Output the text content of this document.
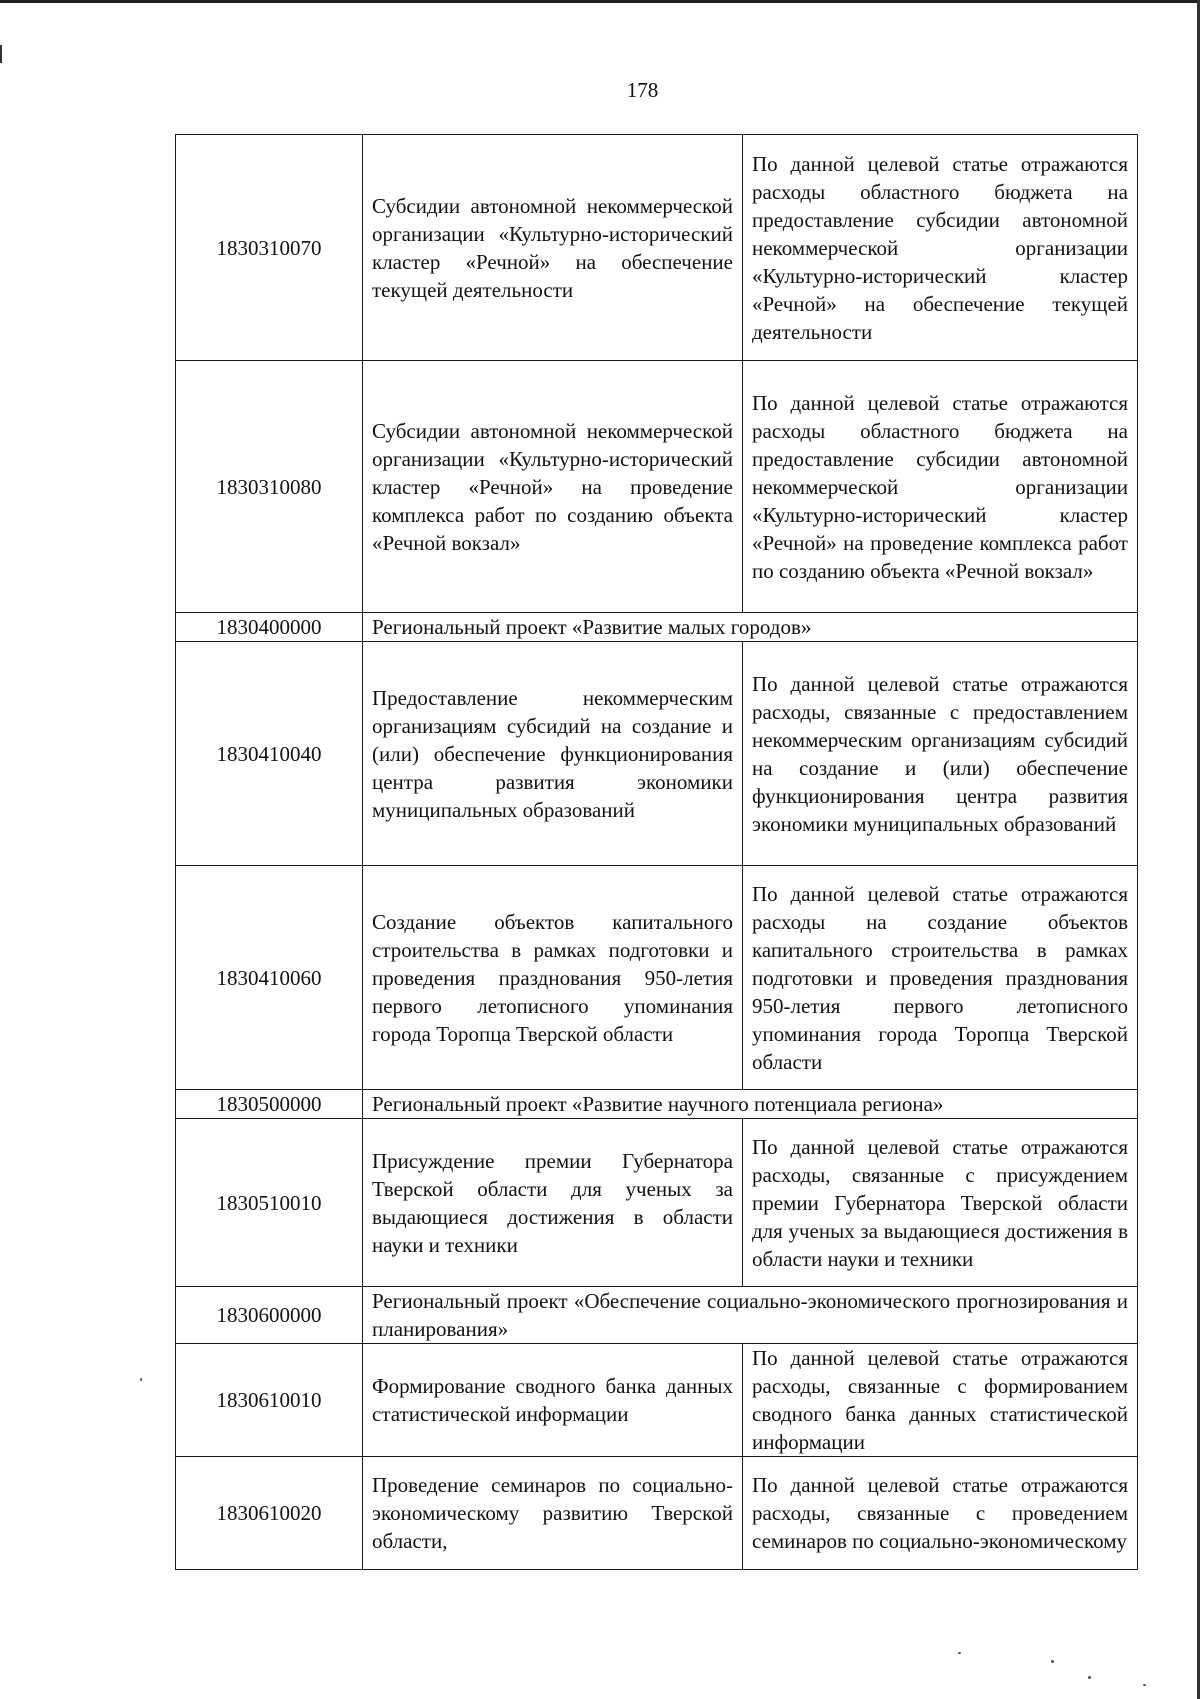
178
1830310070	Субсидии автономной некоммерческой организации «Культурно-исторический кластер «Речной» на обеспечение текущей деятельности	По данной целевой статье отражаются расходы областного бюджета на предоставление субсидии автономной некоммерческой организации «Культурно-исторический кластер «Речной» на обеспечение текущей деятельности
1830310080	Субсидии автономной некоммерческой организации «Культурно-исторический кластер «Речной» на проведение комплекса работ по созданию объекта «Речной вокзал»	По данной целевой статье отражаются расходы областного бюджета на предоставление субсидии автономной некоммерческой организации «Культурно-исторический кластер «Речной» на проведение комплекса работ по созданию объекта «Речной вокзал»
1830400000	Региональный проект «Развитие малых городов»	
1830410040	Предоставление некоммерческим организациям субсидий на создание и (или) обеспечение функционирования центра развития экономики муниципальных образований	По данной целевой статье отражаются расходы, связанные с предоставлением некоммерческим организациям субсидий на создание и (или) обеспечение функционирования центра развития экономики муниципальных образований
1830410060	Создание объектов капитального строительства в рамках подготовки и проведения празднования 950-летия первого летописного упоминания города Торопца Тверской области	По данной целевой статье отражаются расходы на создание объектов капитального строительства в рамках подготовки и проведения празднования 950-летия первого летописного упоминания города Торопца Тверской области
1830500000	Региональный проект «Развитие научного потенциала региона»	
1830510010	Присуждение премии Губернатора Тверской области для ученых за выдающиеся достижения в области науки и техники	По данной целевой статье отражаются расходы, связанные с присуждением премии Губернатора Тверской области для ученых за выдающиеся достижения в области науки и техники
1830600000	Региональный проект «Обеспечение социально-экономического прогнозирования и планирования»	
1830610010	Формирование сводного банка данных статистической информации	По данной целевой статье отражаются расходы, связанные с формированием сводного банка данных статистической информации
1830610020	Проведение семинаров по социально-экономическому развитию Тверской области,	По данной целевой статье отражаются расходы, связанные с проведением семинаров по социально-экономическому
